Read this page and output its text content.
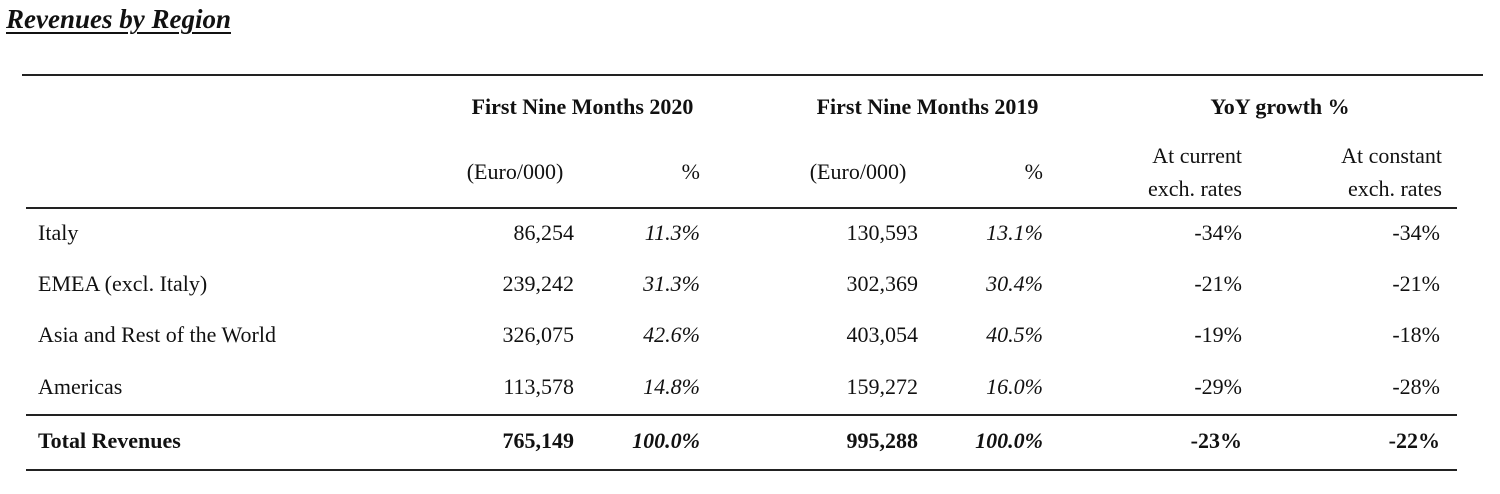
Revenues by Region
First Nine Months 2020	First Nine Months 2019	YoY growth %
(Euro/000)	%	(Euro/000)	%
At current
exch. rates
At constant
exch. rates
Italy	86,254	11.3%	130,593	13.1%	-34%	-34%
EMEA (excl. Italy)	239,242	31.3%	302,369	30.4%	-21%	-21%
Asia and Rest of the World	326,075	42.6%	403,054	40.5%	-19%	-18%
Americas	113,578	14.8%	159,272	16.0%	-29%	-28%
Total Revenues	765,149	100.0%	995,288	100.0%	-23%	-22%
